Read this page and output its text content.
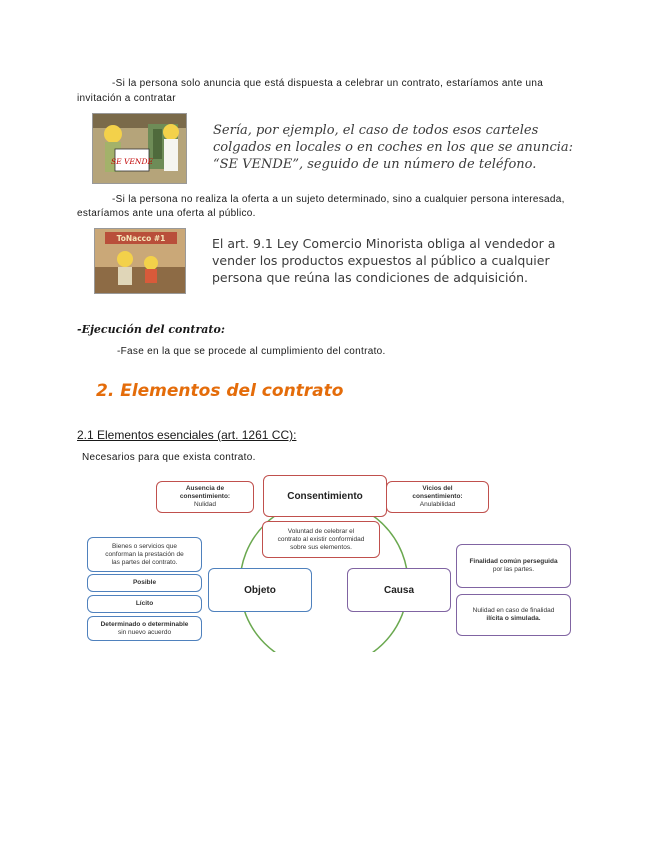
-Si la persona solo anuncia que está dispuesta a celebrar un contrato, estaríamos ante una
invitación a contratar
SE VENDE
Sería, por ejemplo, el caso de todos esos carteles
colgados en locales o en coches en los que se anuncia:
“SE VENDE”, seguido de un número de teléfono.
-Si la persona no realiza la oferta a un sujeto determinado, sino a cualquier persona interesada,
estaríamos ante una oferta al público.
ToNacco #1	El art. 9.1 Ley Comercio Minorista obliga al vendedor a
vender los productos expuestos al público a cualquier
persona que reúna las condiciones de adquisición.
-Ejecución del contrato:
-Fase en la que se procede al cumplimiento del contrato.
2. Elementos del contrato
2.1 Elementos esenciales (art. 1261 CC):
Necesarios para que exista contrato.
Ausencia de
consentimiento:
Nulidad
Consentimiento
Vicios del
consentimiento:
Anulabilidad
Voluntad de celebrar el
contrato al existir conformidad
sobre sus elementos.
Bienes o servicios que
conforman la prestación de
las partes del contrato.
Posible
Lícito
Determinado o determinable
sin nuevo acuerdo
Objeto	Causa
Finalidad común perseguida
por las partes.
Nulidad en caso de finalidad
ilícita o simulada.
